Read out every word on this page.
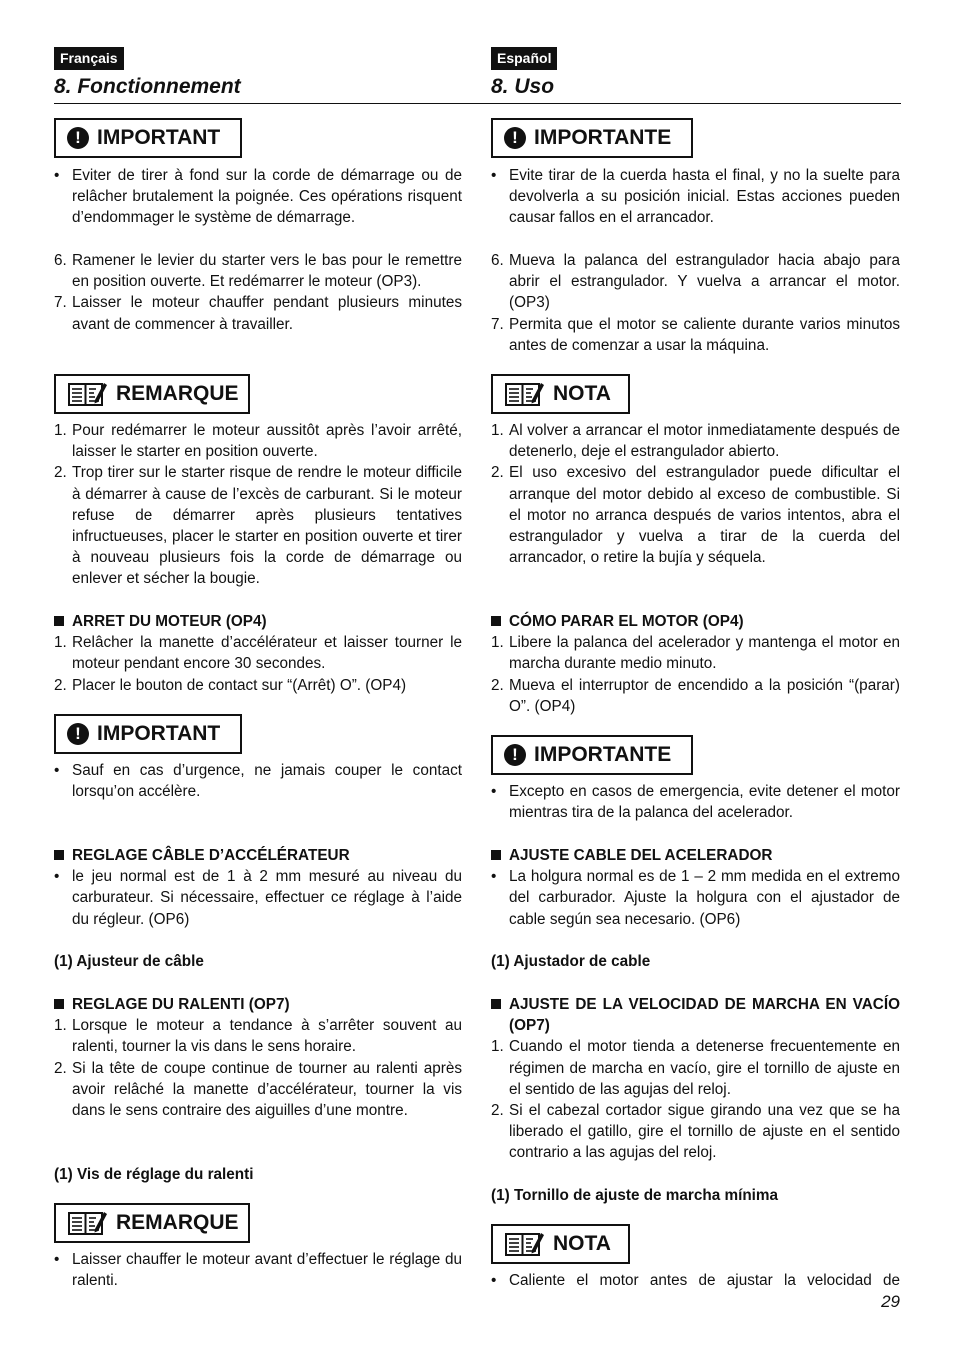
Français
8. Fonctionnement
! IMPORTANT
• Eviter de tirer à fond sur la corde de démarrage ou de relâcher brutalement la poignée. Ces opérations risquent d’endommager le système de démarrage.
6. Ramener le levier du starter vers le bas pour le remettre en position ouverte. Et redémarrer le moteur (OP3).
7. Laisser le moteur chauffer pendant plusieurs minutes avant de commencer à travailler.
REMARQUE
1. Pour redémarrer le moteur aussitôt après l’avoir arrêté, laisser le starter en position ouverte.
2. Trop tirer sur le starter risque de rendre le moteur difficile à démarrer à cause de l’excès de carburant. Si le moteur refuse de démarrer après plusieurs tentatives infructueuses, placer le starter en position ouverte et tirer à nouveau plusieurs fois la corde de démarrage ou enlever et sécher la bougie.
ARRET DU MOTEUR (OP4)
1. Relâcher la manette d’accélérateur et laisser tourner le moteur pendant encore 30 secondes.
2. Placer le bouton de contact sur “(Arrêt) O”. (OP4)
! IMPORTANT
• Sauf en cas d’urgence, ne jamais couper le contact lorsqu’on accélère.
REGLAGE CÂBLE D’ACCÉLÉRATEUR
• le jeu normal est de 1 à 2 mm mesuré au niveau du carburateur. Si nécessaire, effectuer ce réglage à l’aide du régleur. (OP6)
(1) Ajusteur de câble
REGLAGE DU RALENTI (OP7)
1. Lorsque le moteur a tendance à s’arrêter souvent au ralenti, tourner la vis dans le sens horaire.
2. Si la tête de coupe continue de tourner au ralenti après avoir relâché la manette d’accélérateur, tourner la vis dans le sens contraire des aiguilles d’une montre.
(1) Vis de réglage du ralenti
REMARQUE
• Laisser chauffer le moteur avant d’effectuer le réglage du ralenti.
Español
8. Uso
! IMPORTANTE
• Evite tirar de la cuerda hasta el final, y no la suelte para devolverla a su posición inicial. Estas acciones pueden causar fallos en el arrancador.
6. Mueva la palanca del estrangulador hacia abajo para abrir el estrangulador. Y vuelva a arrancar el motor. (OP3)
7. Permita que el motor se caliente durante varios minutos antes de comenzar a usar la máquina.
NOTA
1. Al volver a arrancar el motor inmediatamente después de detenerlo, deje el estrangulador abierto.
2. El uso excesivo del estrangulador puede dificultar el arranque del motor debido al exceso de combustible. Si el motor no arranca después de varios intentos, abra el estrangulador y vuelva a tirar de la cuerda del arrancador, o retire la bujía y séquela.
CÓMO PARAR EL MOTOR (OP4)
1. Libere la palanca del acelerador y mantenga el motor en marcha durante medio minuto.
2. Mueva el interruptor de encendido a la posición “(parar) O”. (OP4)
! IMPORTANTE
• Excepto en casos de emergencia, evite detener el motor mientras tira de la palanca del acelerador.
AJUSTE CABLE DEL ACELERADOR
• La holgura normal es de 1 – 2 mm medida en el extremo del carburador. Ajuste la holgura con el ajustador de cable según sea necesario. (OP6)
(1) Ajustador de cable
AJUSTE DE LA VELOCIDAD DE MARCHA EN VACÍO (OP7)
1. Cuando el motor tienda a detenerse frecuentemente en régimen de marcha en vacío, gire el tornillo de ajuste en el sentido de las agujas del reloj.
2. Si el cabezal cortador sigue girando una vez que se ha liberado el gatillo, gire el tornillo de ajuste en el sentido contrario a las agujas del reloj.
(1) Tornillo de ajuste de marcha mínima
NOTA
• Caliente el motor antes de ajustar la velocidad de
29
